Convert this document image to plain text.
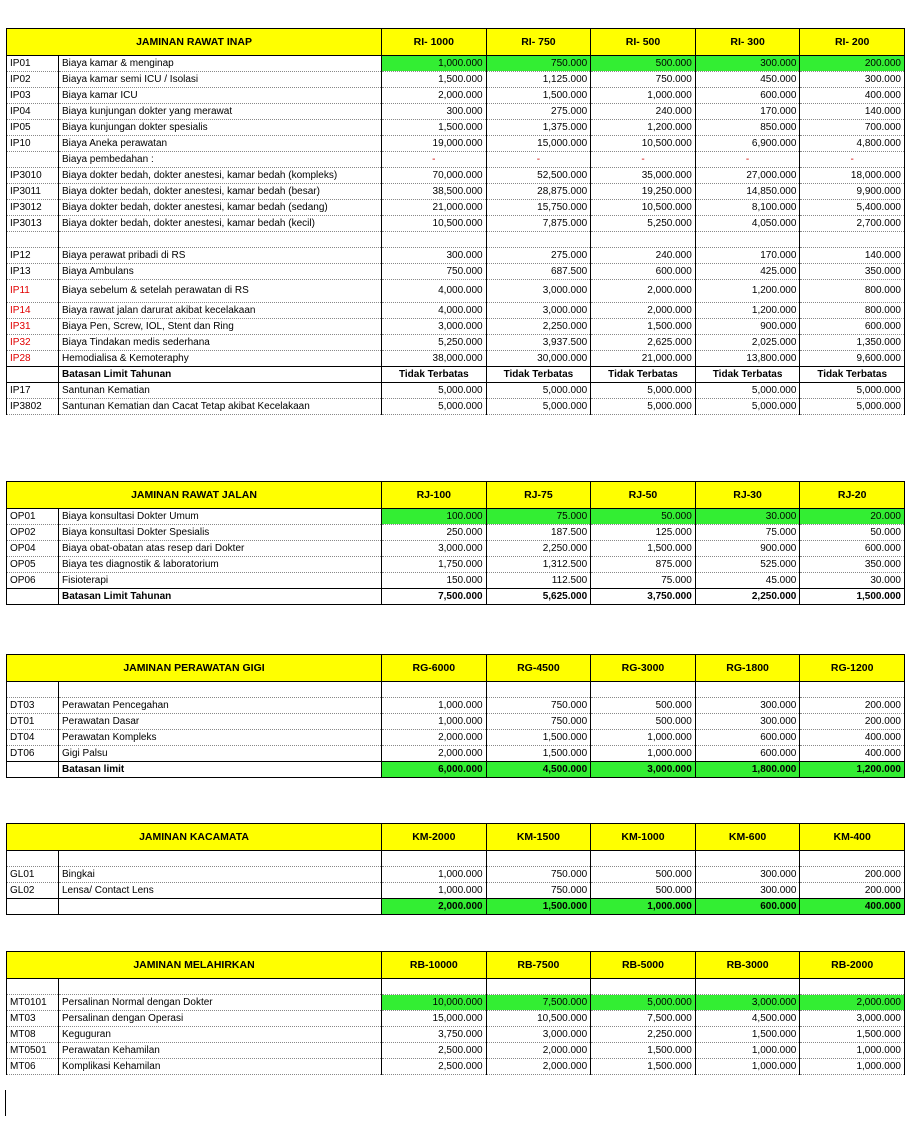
JAMINAN RAWAT INAP		RI- 1000	RI- 750	RI- 500	RI- 300	RI- 200
IP01	Biaya kamar & menginap	1,000.000	750.000	500.000	300.000	200.000
IP02	Biaya kamar semi ICU / Isolasi	1,500.000	1,125.000	750.000	450.000	300.000
IP03	Biaya kamar ICU	2,000.000	1,500.000	1,000.000	600.000	400.000
IP04	Biaya kunjungan dokter yang merawat	300.000	275.000	240.000	170.000	140.000
IP05	Biaya kunjungan dokter spesialis	1,500.000	1,375.000	1,200.000	850.000	700.000
IP10	Biaya Aneka perawatan	19,000.000	15,000.000	10,500.000	6,900.000	4,800.000
	Biaya pembedahan :	-	-	-	-	-
IP3010	Biaya dokter bedah, dokter anestesi, kamar bedah (kompleks)	70,000.000	52,500.000	35,000.000	27,000.000	18,000.000
IP3011	Biaya dokter bedah, dokter anestesi, kamar bedah (besar)	38,500.000	28,875.000	19,250.000	14,850.000	9,900.000
IP3012	Biaya dokter bedah, dokter anestesi, kamar bedah (sedang)	21,000.000	15,750.000	10,500.000	8,100.000	5,400.000
IP3013	Biaya dokter bedah, dokter anestesi, kamar bedah (kecil)	10,500.000	7,875.000	5,250.000	4,050.000	2,700.000

IP12	Biaya perawat pribadi di RS	300.000	275.000	240.000	170.000	140.000
IP13	Biaya Ambulans	750.000	687.500	600.000	425.000	350.000
IP11	Biaya sebelum & setelah perawatan di RS	4,000.000	3,000.000	2,000.000	1,200.000	800.000
IP14	Biaya rawat jalan darurat akibat kecelakaan	4,000.000	3,000.000	2,000.000	1,200.000	800.000
IP31	Biaya Pen, Screw, IOL, Stent dan Ring	3,000.000	2,250.000	1,500.000	900.000	600.000
IP32	Biaya Tindakan medis sederhana	5,250.000	3,937.500	2,625.000	2,025.000	1,350.000
IP28	Hemodialisa & Kemoteraphy	38,000.000	30,000.000	21,000.000	13,800.000	9,600.000
	Batasan Limit Tahunan	Tidak Terbatas	Tidak Terbatas	Tidak Terbatas	Tidak Terbatas	Tidak Terbatas
IP17	Santunan Kematian	5,000.000	5,000.000	5,000.000	5,000.000	5,000.000
IP3802	Santunan Kematian dan Cacat Tetap akibat Kecelakaan	5,000.000	5,000.000	5,000.000	5,000.000	5,000.000
JAMINAN RAWAT JALAN		RJ-100	RJ-75	RJ-50	RJ-30	RJ-20
OP01	Biaya konsultasi Dokter Umum	100.000	75.000	50.000	30.000	20.000
OP02	Biaya konsultasi Dokter Spesialis	250.000	187.500	125.000	75.000	50.000
OP04	Biaya obat-obatan atas resep dari Dokter	3,000.000	2,250.000	1,500.000	900.000	600.000
OP05	Biaya tes diagnostik & laboratorium	1,750.000	1,312.500	875.000	525.000	350.000
OP06	Fisioterapi	150.000	112.500	75.000	45.000	30.000
	Batasan Limit Tahunan	7,500.000	5,625.000	3,750.000	2,250.000	1,500.000
JAMINAN PERAWATAN GIGI		RG-6000	RG-4500	RG-3000	RG-1800	RG-1200

DT03	Perawatan Pencegahan	1,000.000	750.000	500.000	300.000	200.000
DT01	Perawatan Dasar	1,000.000	750.000	500.000	300.000	200.000
DT04	Perawatan Kompleks	2,000.000	1,500.000	1,000.000	600.000	400.000
DT06	Gigi Palsu	2,000.000	1,500.000	1,000.000	600.000	400.000
	Batasan limit	6,000.000	4,500.000	3,000.000	1,800.000	1,200.000
JAMINAN KACAMATA		KM-2000	KM-1500	KM-1000	KM-600	KM-400

GL01	Bingkai	1,000.000	750.000	500.000	300.000	200.000
GL02	Lensa/ Contact Lens	1,000.000	750.000	500.000	300.000	200.000
		2,000.000	1,500.000	1,000.000	600.000	400.000
JAMINAN MELAHIRKAN		RB-10000	RB-7500	RB-5000	RB-3000	RB-2000

MT0101	Persalinan Normal dengan Dokter	10,000.000	7,500.000	5,000.000	3,000.000	2,000.000
MT03	Persalinan dengan Operasi	15,000.000	10,500.000	7,500.000	4,500.000	3,000.000
MT08	Keguguran	3,750.000	3,000.000	2,250.000	1,500.000	1,500.000
MT0501	Perawatan Kehamilan	2,500.000	2,000.000	1,500.000	1,000.000	1,000.000
MT06	Komplikasi Kehamilan	2,500.000	2,000.000	1,500.000	1,000.000	1,000.000
